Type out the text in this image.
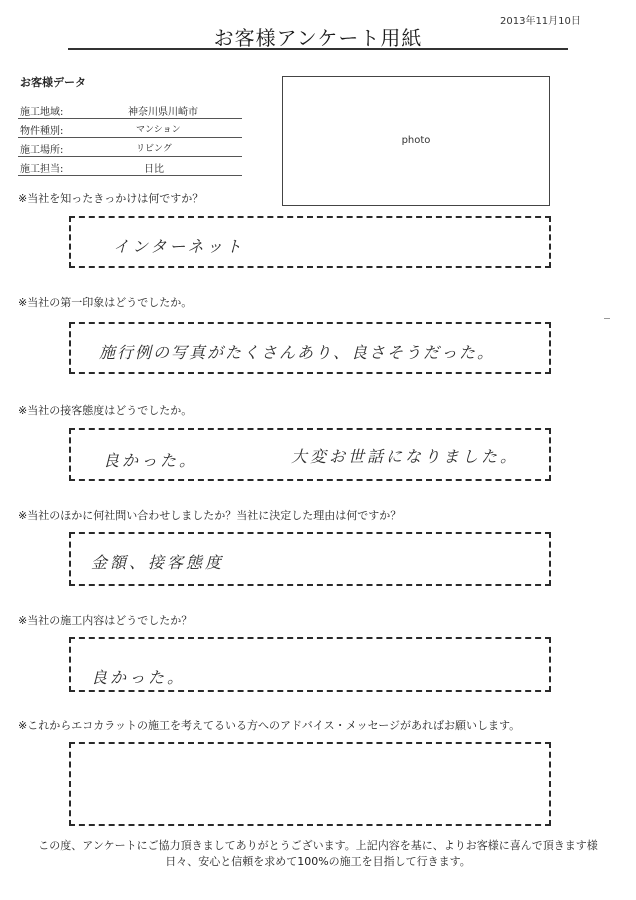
2013年11月10日
お客様アンケート用紙
お客様データ
施工地域:	神奈川県川崎市
物件種別:	マンション
施工場所:	リビング
施工担当:	日比
photo
※当社を知ったきっかけは何ですか？
インターネット
※当社の第一印象はどうでしたか。
施行例の写真がたくさんあり、良さそうだった。
※当社の接客態度はどうでしたか。
良かった。	大変お世話になりました。
※当社のほかに何社問い合わせしましたか？当社に決定した理由は何ですか？
金額、接客態度
※当社の施工内容はどうでしたか？
良かった。
※これからエコカラットの施工を考えてるいる方へのアドバイス・メッセージがあればお願いします。
この度、アンケートにご協力頂きましてありがとうございます。上記内容を基に、よりお客様に喜んで頂きます様
日々、安心と信頼を求めて100%の施工を目指して行きます。
